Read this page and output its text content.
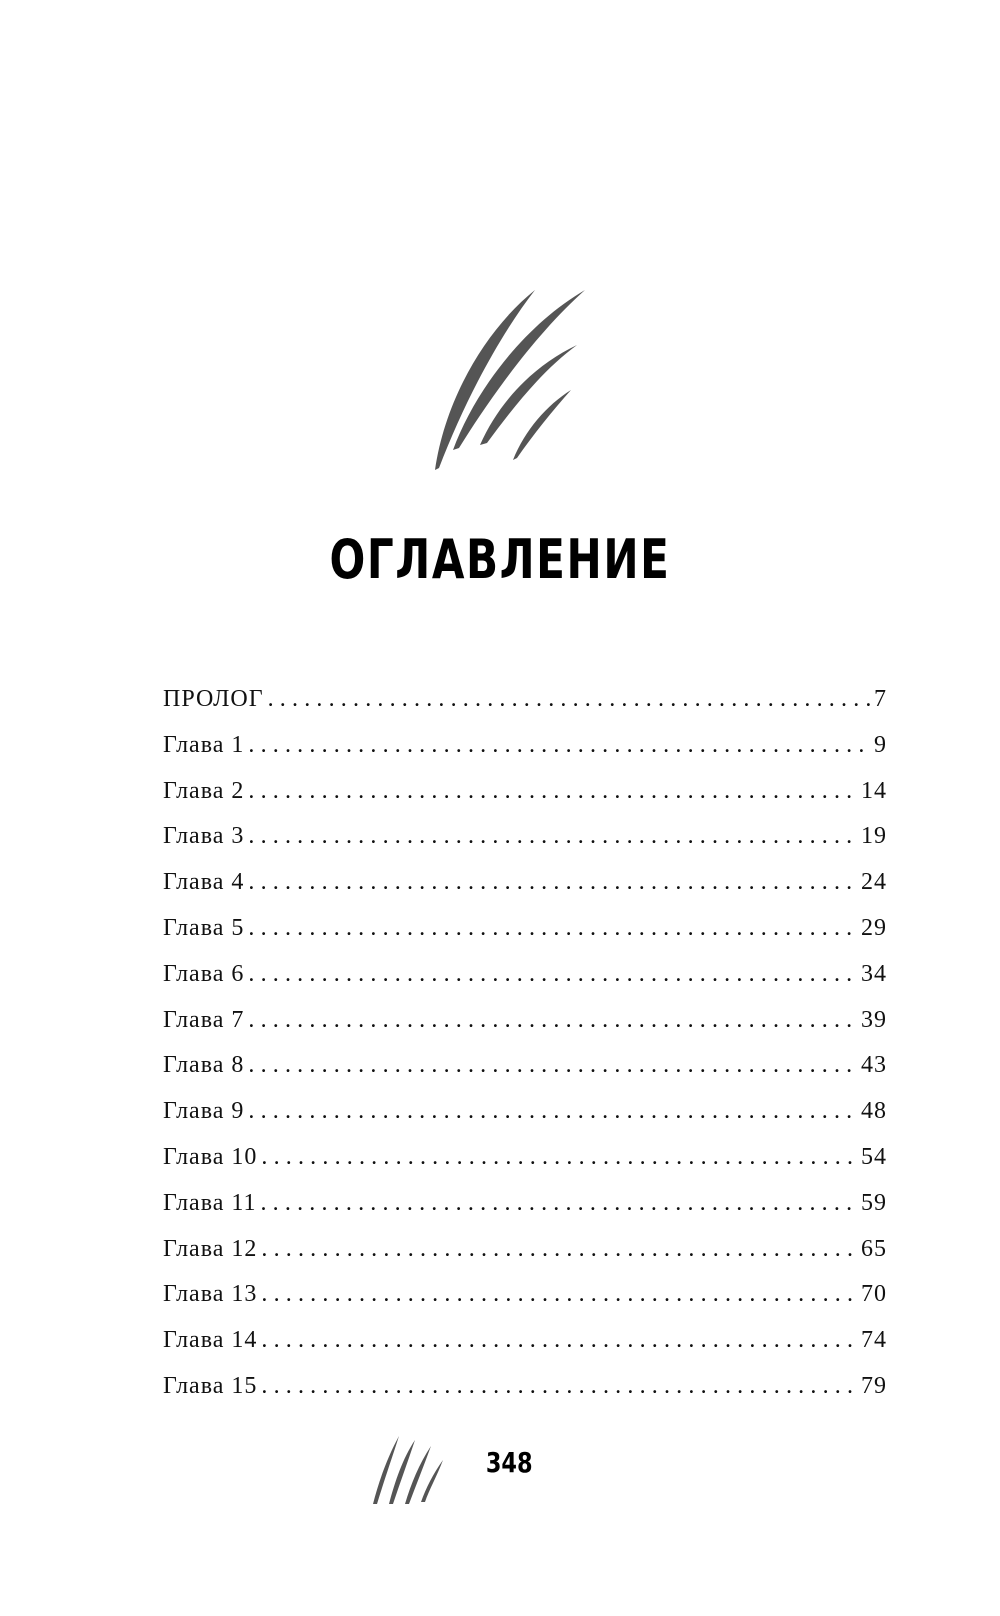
ОГЛАВЛЕНИЕ
ПРОЛОГ .....	7
Глава 1 .....	9
Глава 2 .....	14
Глава 3 .....	19
Глава 4 .....	24
Глава 5 .....	29
Глава 6 .....	34
Глава 7 .....	39
Глава 8 .....	43
Глава 9 .....	48
Глава 10 .....	54
Глава 11 .....	59
Глава 12 .....	65
Глава 13 .....	70
Глава 14 .....	74
Глава 15 .....	79
348
